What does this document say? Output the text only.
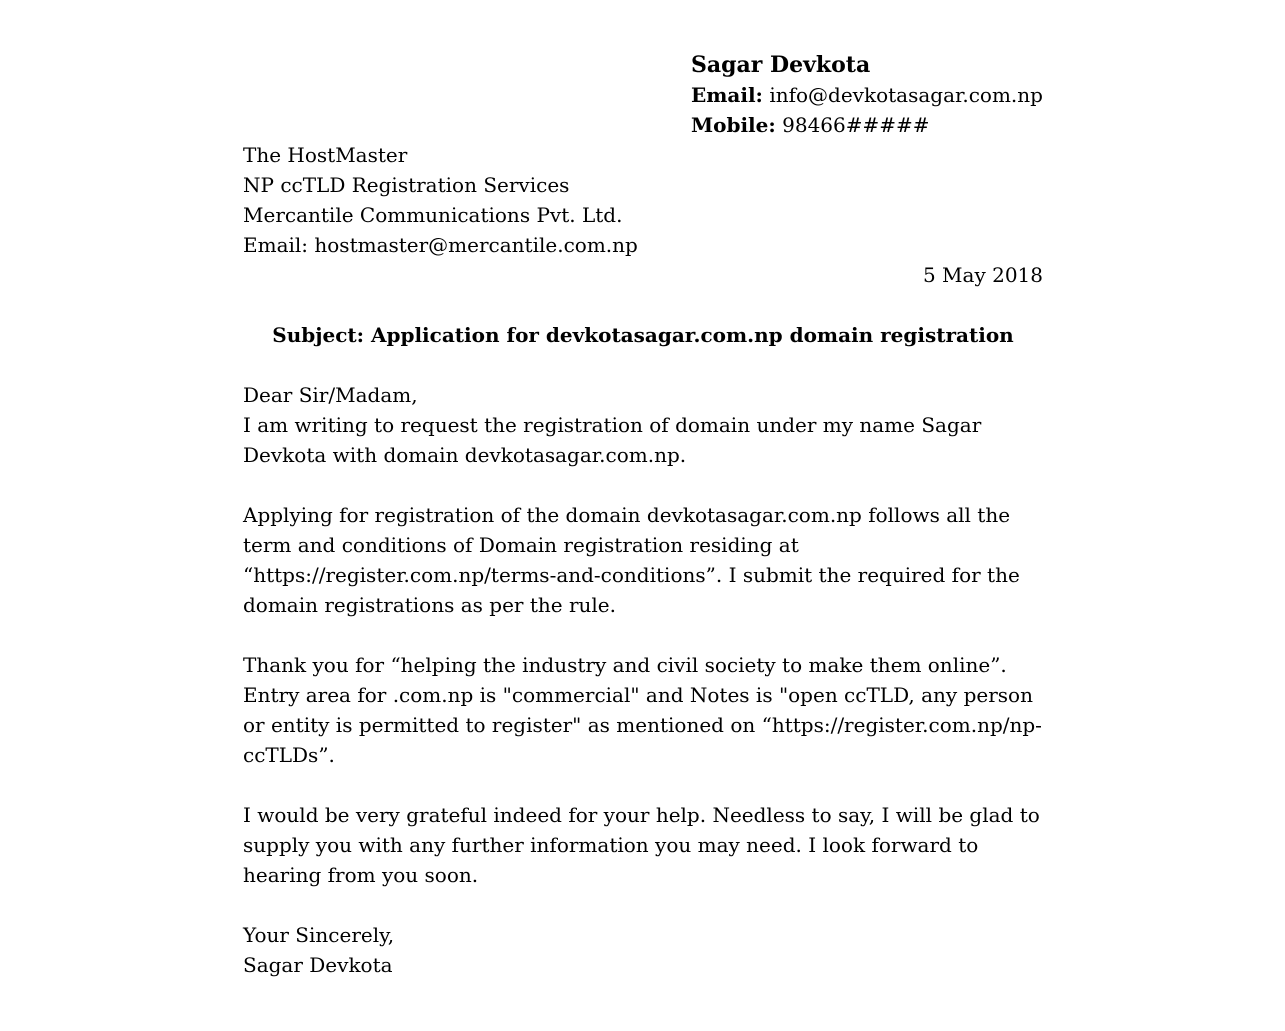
Sagar Devkota
Email: info@devkotasagar.com.np
Mobile: 98466#####
The HostMaster
NP ccTLD Registration Services
Mercantile Communications Pvt. Ltd.
Email: hostmaster@mercantile.com.np
5 May 2018
Subject: Application for devkotasagar.com.np domain registration
Dear Sir/Madam,

I am writing to request the registration of domain under my name Sagar Devkota with domain devkotasagar.com.np.

Applying for registration of the domain devkotasagar.com.np follows all the term and conditions of Domain registration residing at “https://register.com.np/terms-and-conditions”. I submit the required for the domain registrations as per the rule.

Thank you for “helping the industry and civil society to make them online”. Entry area for .com.np is "commercial" and Notes is "open ccTLD, any person or entity is permitted to register" as mentioned on “https://register.com.np/np-ccTLDs”.

I would be very grateful indeed for your help. Needless to say, I will be glad to supply you with any further information you may need. I look forward to hearing from you soon.

Your Sincerely,
Sagar Devkota
